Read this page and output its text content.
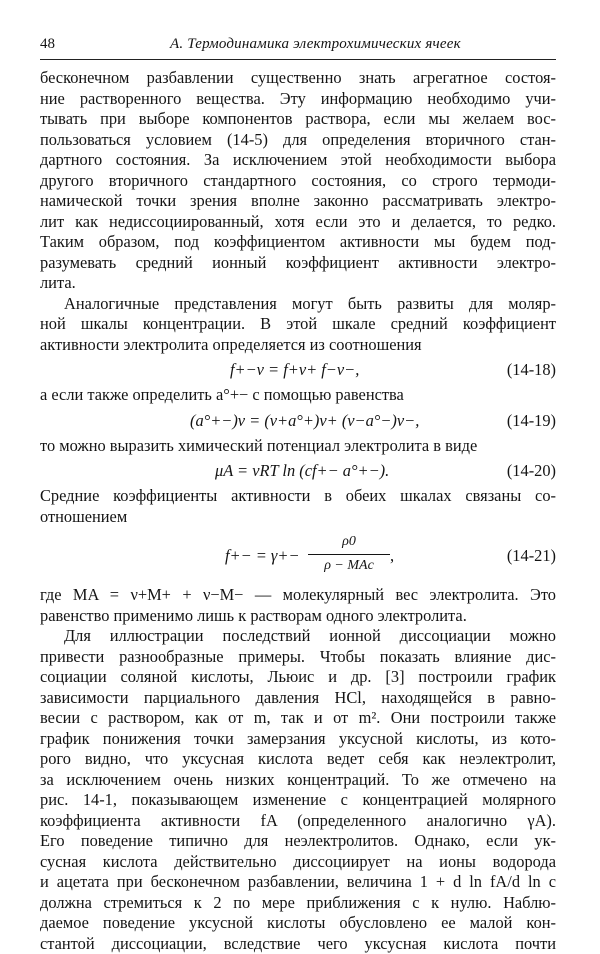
48	А. Термодинамика электрохимических ячеек
бесконечном разбавлении существенно знать агрегатное состоя-
ние растворенного вещества. Эту информацию необходимо учи-
тывать при выборе компонентов раствора, если мы желаем вос-
пользоваться условием (14-5) для определения вторичного стан-
дартного состояния. За исключением этой необходимости выбора
другого вторичного стандартного состояния, со строго термоди-
намической точки зрения вполне законно рассматривать электро-
лит как недиссоциированный, хотя если это и делается, то редко.
Таким образом, под коэффициентом активности мы будем под-
разумевать средний ионный коэффициент активности электро-
лита.
Аналогичные представления могут быть развиты для моляр-
ной шкалы концентрации. В этой шкале средний коэффициент
активности электролита определяется из соотношения
f+−ν = f+ν+ f−ν−,	(14-18)
а если также определить a°+− с помощью равенства
(a°+−)ν = (ν+a°+)ν+ (ν−a°−)ν−,	(14-19)
то можно выразить химический потенциал электролита в виде
μA = νRT ln (cf+− a°+−).	(14-20)
Средние коэффициенты активности в обеих шкалах связаны со-
отношением
f+− = γ+−
ρ0
ρ − MAc
,	(14-21)
где MA = ν+M+ + ν−M− — молекулярный вес электролита. Это
равенство применимо лишь к растворам одного электролита.
Для иллюстрации последствий ионной диссоциации можно
привести разнообразные примеры. Чтобы показать влияние дис-
социации соляной кислоты, Льюис и др. [3] построили график
зависимости парциального давления HCl, находящейся в равно-
весии с раствором, как от m, так и от m². Они построили также
график понижения точки замерзания уксусной кислоты, из кото-
рого видно, что уксусная кислота ведет себя как неэлектролит,
за исключением очень низких концентраций. То же отмечено на
рис. 14-1, показывающем изменение с концентрацией молярного
коэффициента активности fA (определенного аналогично γA).
Его поведение типично для неэлектролитов. Однако, если ук-
сусная кислота действительно диссоциирует на ионы водорода
и ацетата при бесконечном разбавлении, величина 1 + d ln fA/d ln c
должна стремиться к 2 по мере приближения c к нулю. Наблю-
даемое поведение уксусной кислоты обусловлено ее малой кон-
стантой диссоциации, вследствие чего уксусная кислота почти
